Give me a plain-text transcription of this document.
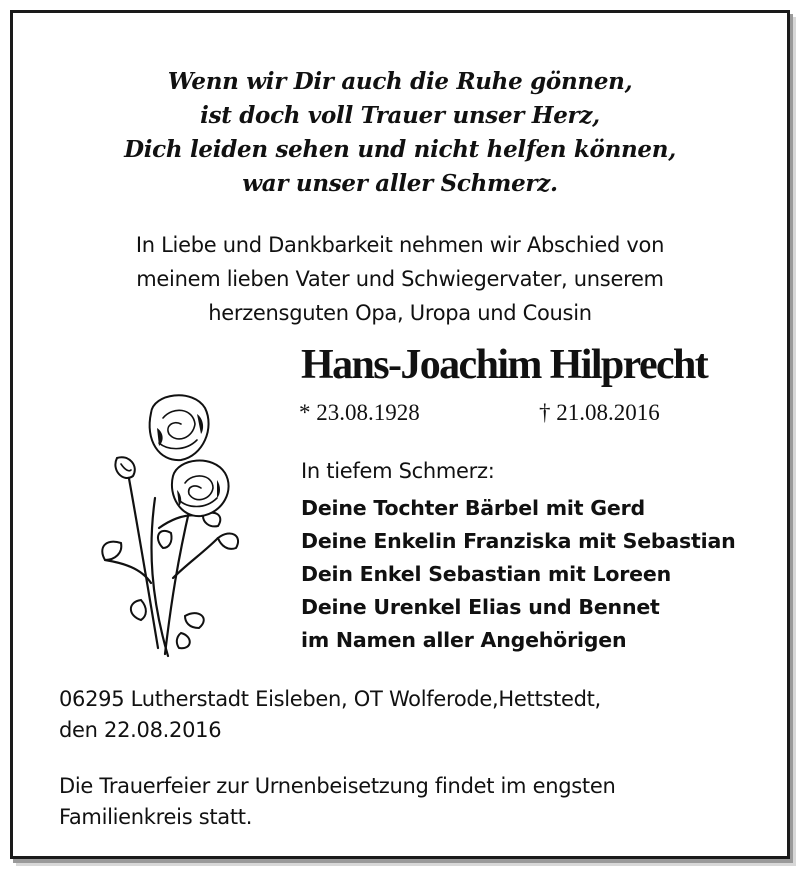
Wenn wir Dir auch die Ruhe gönnen,
ist doch voll Trauer unser Herz,
Dich leiden sehen und nicht helfen können,
war unser aller Schmerz.
In Liebe und Dankbarkeit nehmen wir Abschied von
meinem lieben Vater und Schwiegervater, unserem
herzensguten Opa, Uropa und Cousin
Hans-Joachim Hilprecht
* 23.08.1928	† 21.08.2016
In tiefem Schmerz:
Deine Tochter Bärbel mit Gerd
Deine Enkelin Franziska mit Sebastian
Dein Enkel Sebastian mit Loreen
Deine Urenkel Elias und Bennet
im Namen aller Angehörigen
06295 Lutherstadt Eisleben, OT Wolferode,Hettstedt,
den 22.08.2016
Die Trauerfeier zur Urnenbeisetzung findet im engsten
Familienkreis statt.
